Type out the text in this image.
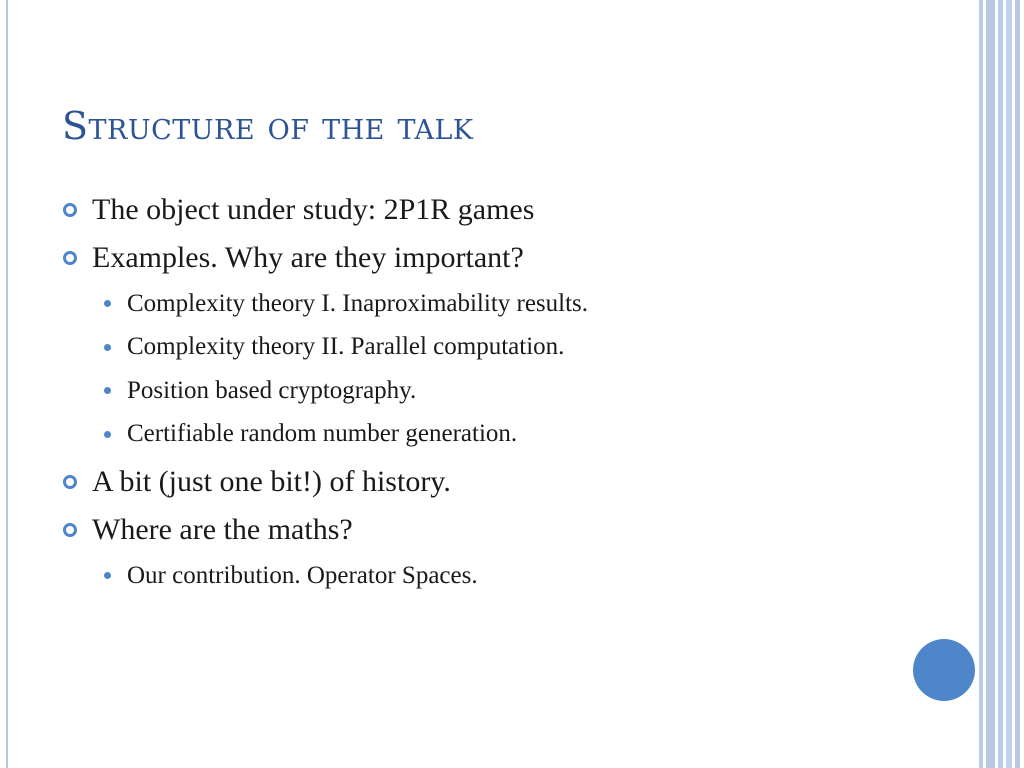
Structure of the talk
The object under study: 2P1R games
Examples. Why are they important?
Complexity theory I. Inaproximability results.
Complexity theory II. Parallel computation.
Position based cryptography.
Certifiable random number generation.
A bit (just one bit!) of history.
Where are the maths?
Our contribution. Operator Spaces.
